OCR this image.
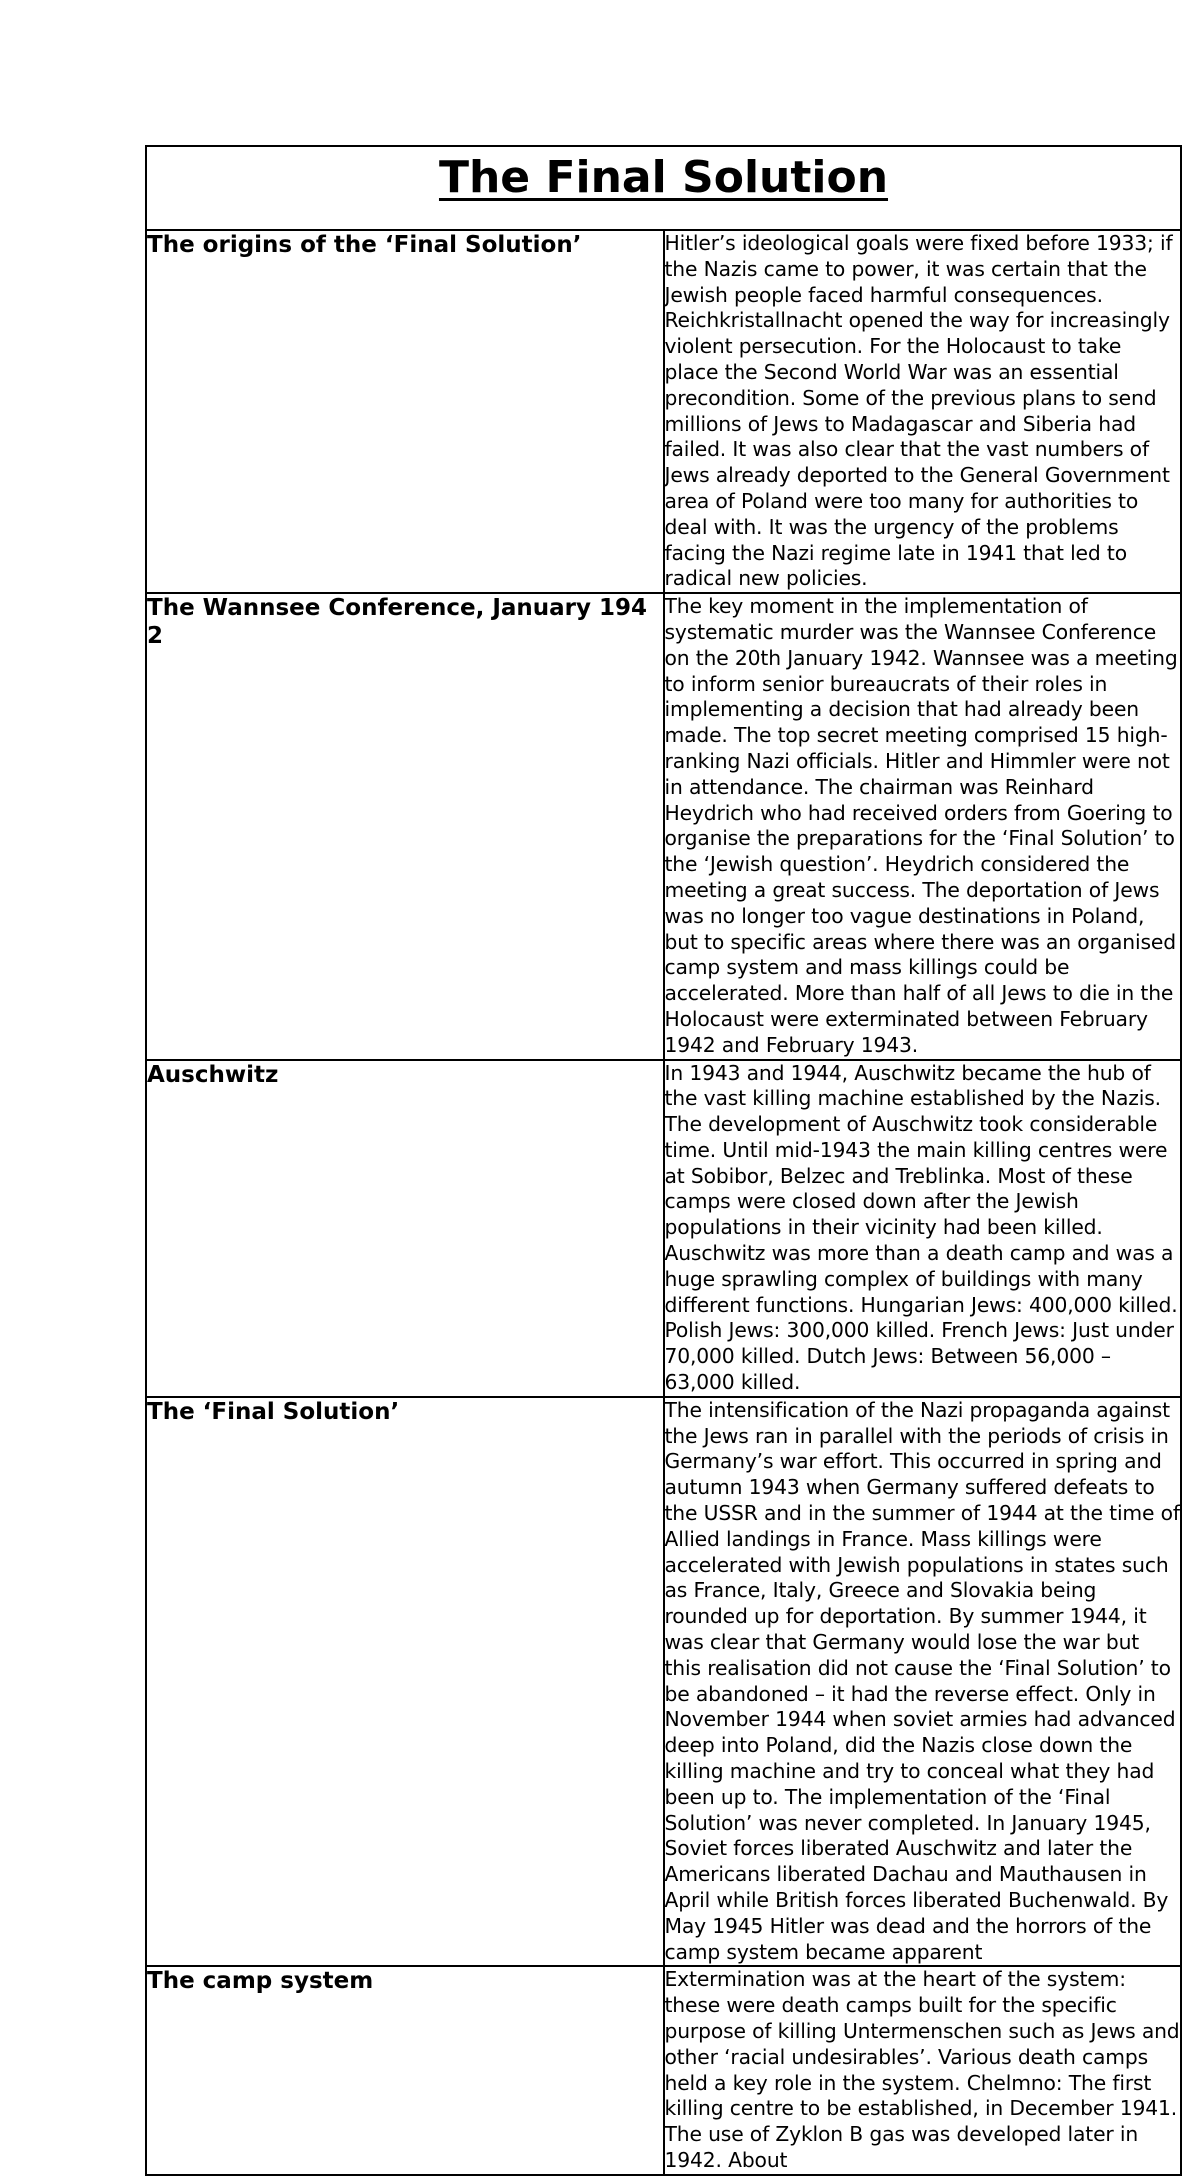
The Final Solution	

The origins of the ‘Final Solution’	Hitler’s ideological goals were fixed before 1933; if the Nazis came to power, it was certain that the Jewish people faced harmful consequences. Reichkristallnacht opened the way for increasingly violent persecution. For the Holocaust to take place the Second World War was an essential precondition. Some of the previous plans to send millions of Jews to Madagascar and Siberia had failed. It was also clear that the vast numbers of Jews already deported to the General Government area of Poland were too many for authorities to deal with. It was the urgency of the problems facing the Nazi regime late in 1941 that led to radical new policies.

The Wannsee Conference, January 1942	The key moment in the implementation of systematic murder was the Wannsee Conference on the 20th January 1942. Wannsee was a meeting to inform senior bureaucrats of their roles in implementing a decision that had already been made. The top secret meeting comprised 15 high-ranking Nazi officials. Hitler and Himmler were not in attendance. The chairman was Reinhard Heydrich who had received orders from Goering to organise the preparations for the ‘Final Solution’ to the ‘Jewish question’. Heydrich considered the meeting a great success. The deportation of Jews was no longer too vague destinations in Poland, but to specific areas where there was an organised camp system and mass killings could be accelerated. More than half of all Jews to die in the Holocaust were exterminated between February 1942 and February 1943.

Auschwitz	In 1943 and 1944, Auschwitz became the hub of the vast killing machine established by the Nazis. The development of Auschwitz took considerable time. Until mid-1943 the main killing centres were at Sobibor, Belzec and Treblinka. Most of these camps were closed down after the Jewish populations in their vicinity had been killed. Auschwitz was more than a death camp and was a huge sprawling complex of buildings with many different functions. Hungarian Jews: 400,000 killed. Polish Jews: 300,000 killed. French Jews: Just under 70,000 killed. Dutch Jews: Between 56,000 – 63,000 killed.

The ‘Final Solution’	The intensification of the Nazi propaganda against the Jews ran in parallel with the periods of crisis in Germany’s war effort. This occurred in spring and autumn 1943 when Germany suffered defeats to the USSR and in the summer of 1944 at the time of Allied landings in France. Mass killings were accelerated with Jewish populations in states such as France, Italy, Greece and Slovakia being rounded up for deportation. By summer 1944, it was clear that Germany would lose the war but this realisation did not cause the ‘Final Solution’ to be abandoned – it had the reverse effect. Only in November 1944 when soviet armies had advanced deep into Poland, did the Nazis close down the killing machine and try to conceal what they had been up to. The implementation of the ‘Final Solution’ was never completed. In January 1945, Soviet forces liberated Auschwitz and later the Americans liberated Dachau and Mauthausen in April while British forces liberated Buchenwald. By May 1945 Hitler was dead and the horrors of the camp system became apparent

The camp system	Extermination was at the heart of the system: these were death camps built for the specific purpose of killing Untermenschen such as Jews and other ‘racial undesirables’. Various death camps held a key role in the system. Chelmno: The first killing centre to be established, in December 1941. The use of Zyklon B gas was developed later in 1942. About
